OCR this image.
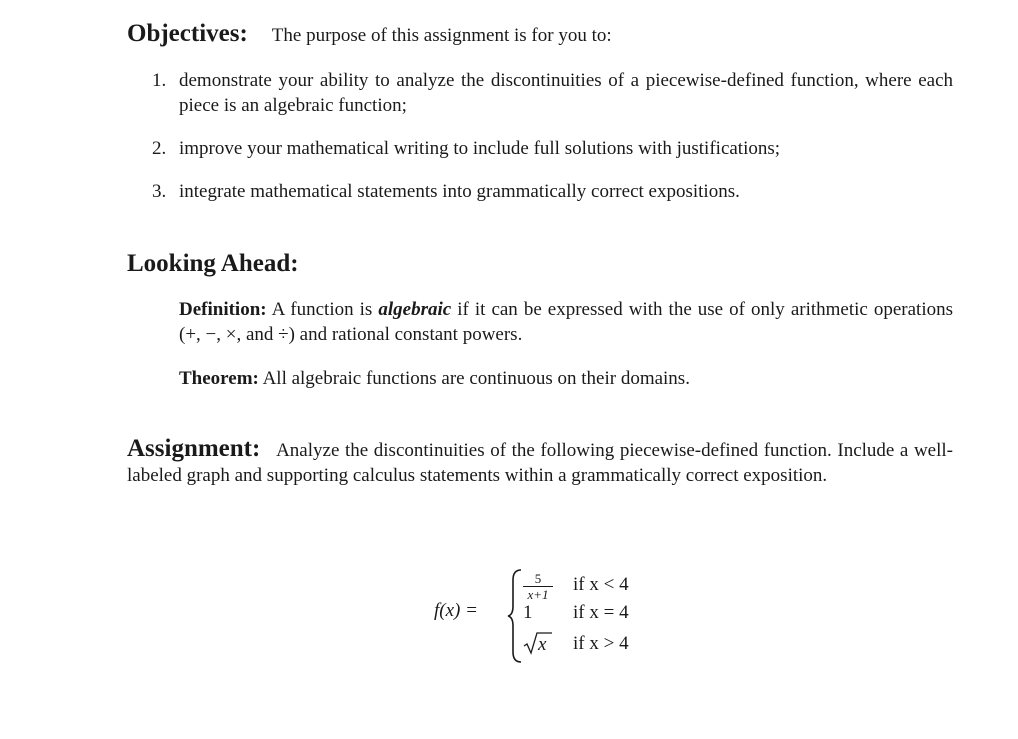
Objectives: The purpose of this assignment is for you to:
1. demonstrate your ability to analyze the discontinuities of a piecewise-defined function, where each piece is an algebraic function;
2. improve your mathematical writing to include full solutions with justifications;
3. integrate mathematical statements into grammatically correct expositions.
Looking Ahead:
Definition: A function is algebraic if it can be expressed with the use of only arithmetic operations (+, −, ×, and ÷) and rational constant powers.
Theorem: All algebraic functions are continuous on their domains.
Assignment: Analyze the discontinuities of the following piecewise-defined function. Include a well-labeled graph and supporting calculus statements within a grammatically correct exposition.
f(x) =
$\frac{5}{x+1}$ if x < 4
1 if x = 4
x if x > 4
